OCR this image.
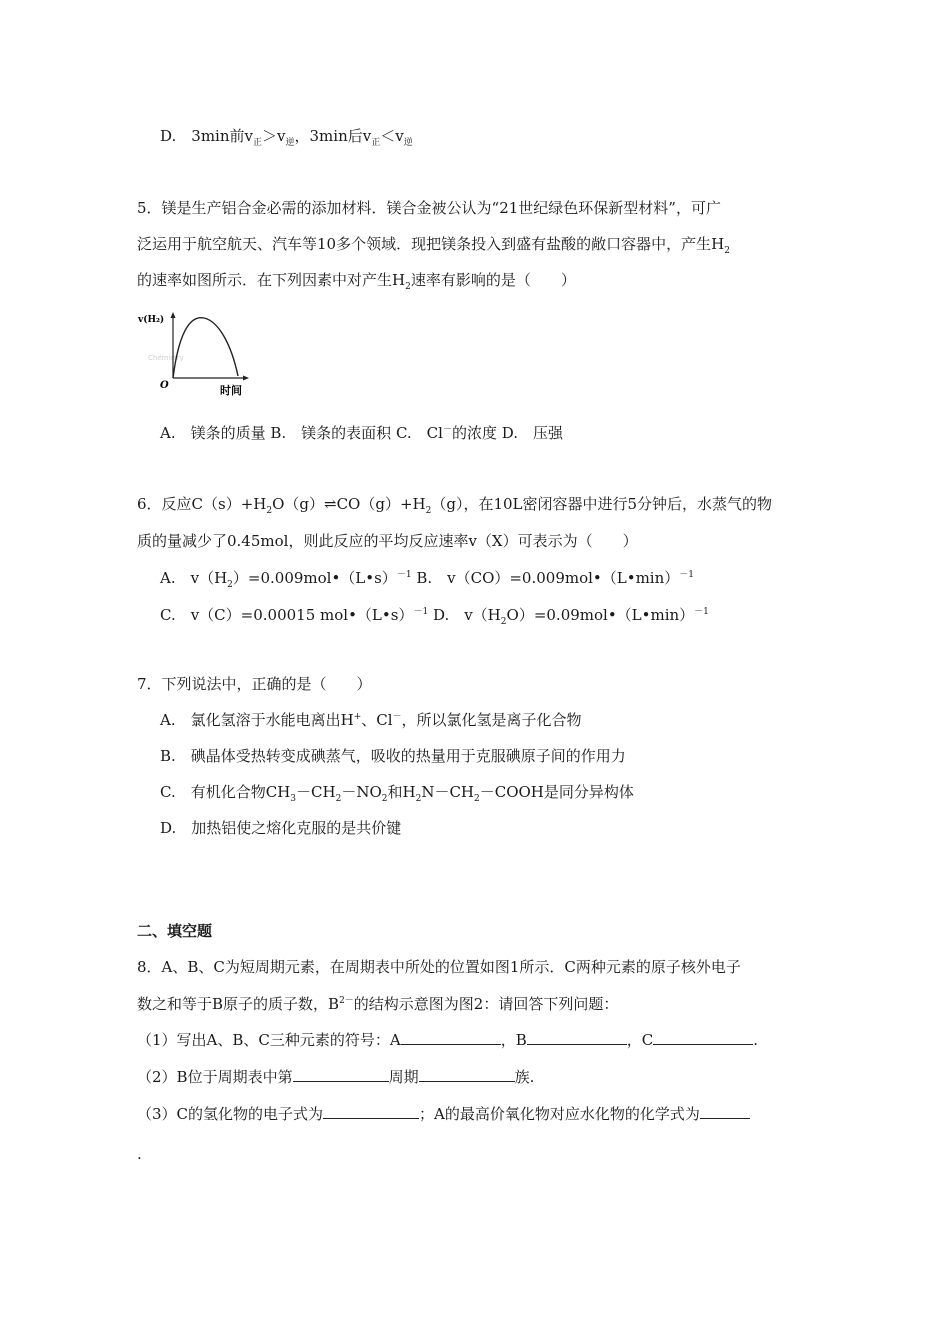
D.　 3min前$v_正>v_逆$，3min后$v_正<v_逆$
5．镁是生产铝合金必需的添加材料．镁合金被公认为“21世纪绿色环保新型材料”，可广
泛运用于航空航天、汽车等10多个领域．现把镁条投入到盛有盐酸的敞口容器中，产生$H_2$
的速率如图所示．在下列因素中对产生$H_2$速率有影响的是（　　）
v(H₂)
Chemistry
O	时间
A.　镁条的质量 B.　镁条的表面积 C.　Cl－的浓度 D.　压强
6．反应$C(s)+H_2O(g)\rightleftharpoons CO(g)+H_2(g)$，在10L密闭容器中进行5分钟后，水蒸气的物
质的量减少了0.45mol，则此反应的平均反应速率v（X）可表示为（　　）
A.　$v(H_2)=0.009mol•(L•s)^{-1}$ B.　v（CO）=0.009mol•（L•min）$^{-1}$
C.　v（C）=0.00015 mol•（L•s）$^{-1}$ D.　$v(H_2O)=0.09mol•(L•\min)^{-1}$
7．下列说法中，正确的是（　　）
A.　氯化氢溶于水能电离出H+、Cl－，所以氯化氢是离子化合物
B.　碘晶体受热转变成碘蒸气，吸收的热量用于克服碘原子间的作用力
C.　有机化合物$CH_3-CH_2-NO_2$和$H_2N-CH_2-COOH$是同分异构体
D.　加热铝使之熔化克服的是共价键
二、填空题
8．A、B、C为短周期元素，在周期表中所处的位置如图1所示．C两种元素的原子核外电子
数之和等于B原子的质子数，$B^{2-}$的结构示意图为图2：请回答下列问题：
（1）写出A、B、C三种元素的符号：A	，B	，C	.
（2）B位于周期表中第	周期	族.
（3）C的氢化物的电子式为	；A的最高价氧化物对应水化物的化学式为
.
